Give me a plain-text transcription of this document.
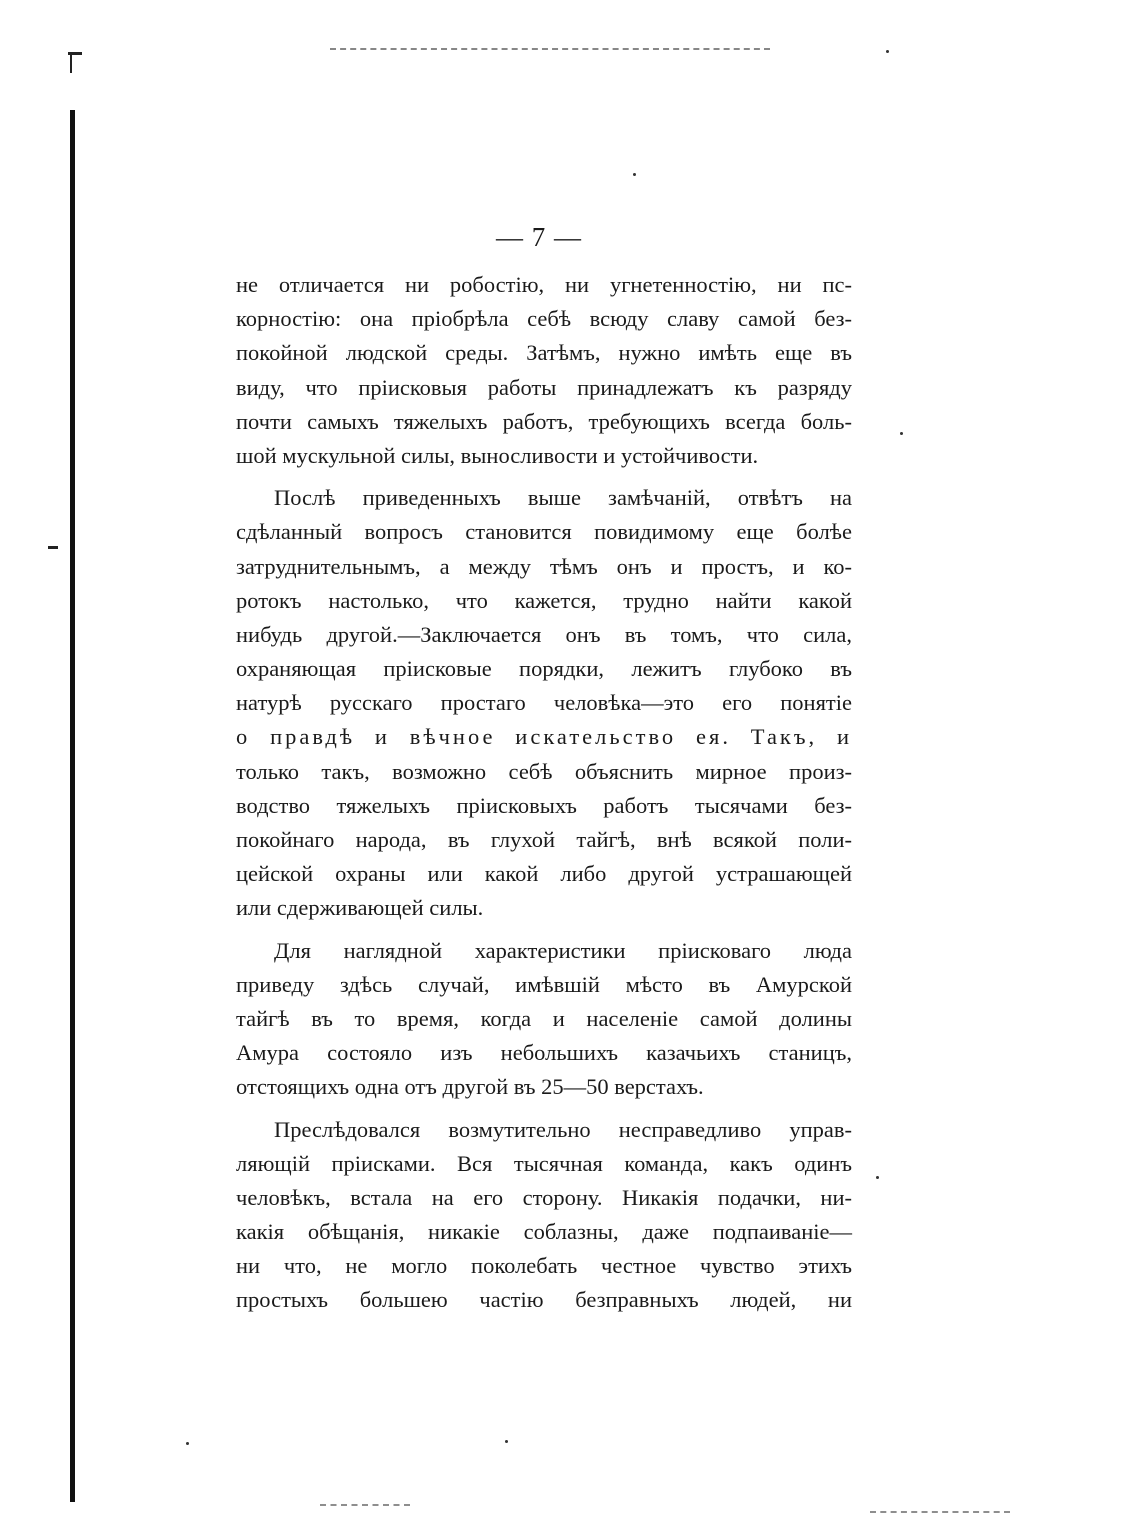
— 7 —
не отличается ни робостію, ни угнетенностію, ни пс-
корностію: она пріобрѣла себѣ всюду славу самой без-
покойной людской среды. Затѣмъ, нужно имѣть еще въ
виду, что пріисковыя работы принадлежатъ къ разряду
почти самыхъ тяжелыхъ работъ, требующихъ всегда боль-
шой мускульной силы, выносливости и устойчивости.
Послѣ приведенныхъ выше замѣчаній, отвѣтъ на
сдѣланный вопросъ становится повидимому еще болѣе
затруднительнымъ, а между тѣмъ онъ и простъ, и ко-
ротокъ настолько, что кажется, трудно найти какой
нибудь другой.—Заключается онъ въ томъ, что сила,
охраняющая пріисковые порядки, лежитъ глубоко въ
натурѣ русскаго простаго человѣка—это его понятіе
о правдѣ и вѣчное искательство ея. Такъ, и
только такъ, возможно себѣ объяснить мирное произ-
водство тяжелыхъ пріисковыхъ работъ тысячами без-
покойнаго народа, въ глухой тайгѣ, внѣ всякой поли-
цейской охраны или какой либо другой устрашающей
или сдерживающей силы.
Для наглядной характеристики пріисковаго люда
приведу здѣсь случай, имѣвшій мѣсто въ Амурской
тайгѣ въ то время, когда и населеніе самой долины
Амура состояло изъ небольшихъ казачьихъ станицъ,
отстоящихъ одна отъ другой въ 25—50 верстахъ.
Преслѣдовался возмутительно несправедливо управ-
ляющій пріисками. Вся тысячная команда, какъ одинъ
человѣкъ, встала на его сторону. Никакія подачки, ни-
какія обѣщанія, никакіе соблазны, даже подпаиваніе—
ни что, не могло поколебать честное чувство этихъ
простыхъ большею частію безправныхъ людей, ни
